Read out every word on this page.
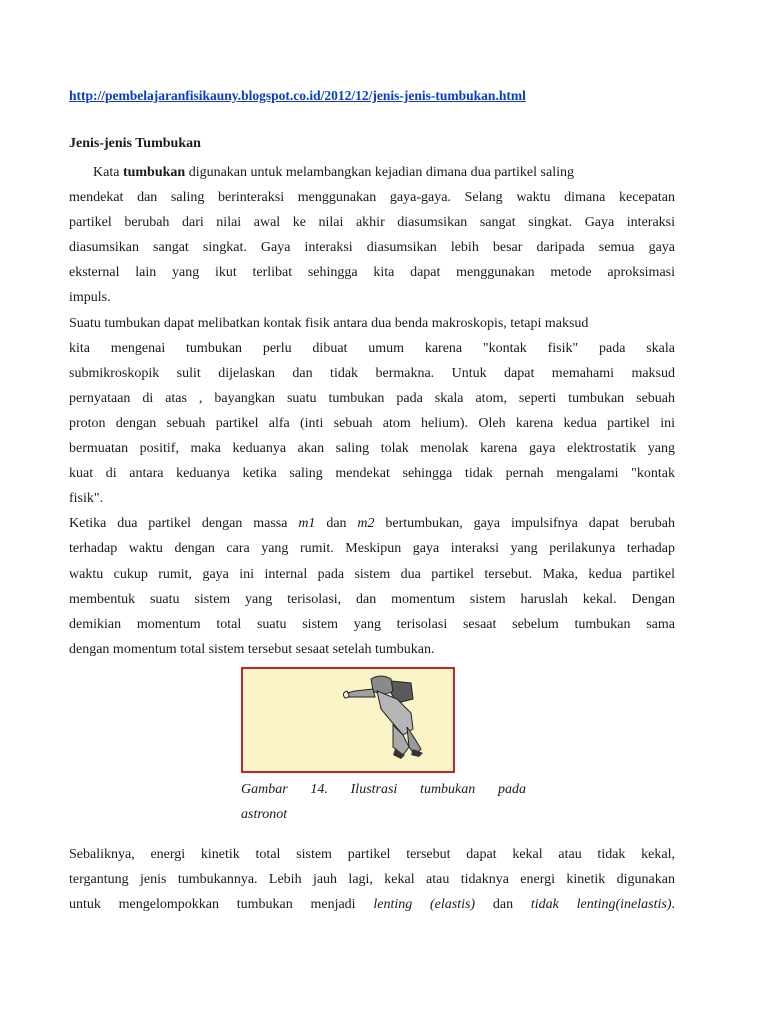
http://pembelajaranfisikauny.blogspot.co.id/2012/12/jenis-jenis-tumbukan.html
Jenis-jenis Tumbukan
Kata tumbukan digunakan untuk melambangkan kejadian dimana dua partikel saling
mendekat dan saling berinteraksi menggunakan gaya-gaya. Selang waktu dimana kecepatan
partikel berubah dari nilai awal ke nilai akhir diasumsikan sangat singkat. Gaya interaksi
diasumsikan sangat singkat. Gaya interaksi diasumsikan lebih besar daripada semua gaya
eksternal lain yang ikut terlibat sehingga kita dapat menggunakan metode aproksimasi
impuls.
Suatu tumbukan dapat melibatkan kontak fisik antara dua benda makroskopis, tetapi maksud
kita mengenai tumbukan perlu dibuat umum karena "kontak fisik" pada skala
submikroskopik sulit dijelaskan dan tidak bermakna. Untuk dapat memahami maksud
pernyataan di atas , bayangkan suatu tumbukan pada skala atom, seperti tumbukan sebuah
proton dengan sebuah partikel alfa (inti sebuah atom helium). Oleh karena kedua partikel ini
bermuatan positif, maka keduanya akan saling tolak menolak karena gaya elektrostatik yang
kuat di antara keduanya ketika saling mendekat sehingga tidak pernah mengalami "kontak
fisik".
Ketika dua partikel dengan massa m1 dan m2 bertumbukan, gaya impulsifnya dapat berubah
terhadap waktu dengan cara yang rumit. Meskipun gaya interaksi yang perilakunya terhadap
waktu cukup rumit, gaya ini internal pada sistem dua partikel tersebut. Maka, kedua partikel
membentuk suatu sistem yang terisolasi, dan momentum sistem haruslah kekal. Dengan
demikian momentum total suatu sistem yang terisolasi sesaat sebelum tumbukan sama
dengan momentum total sistem tersebut sesaat setelah tumbukan.
Gambar 14. Ilustrasi tumbukan pada
astronot
Sebaliknya, energi kinetik total sistem partikel tersebut dapat kekal atau tidak kekal,
tergantung jenis tumbukannya. Lebih jauh lagi, kekal atau tidaknya energi kinetik digunakan
untuk mengelompokkan tumbukan menjadi lenting (elastis) dan tidak lenting(inelastis).
